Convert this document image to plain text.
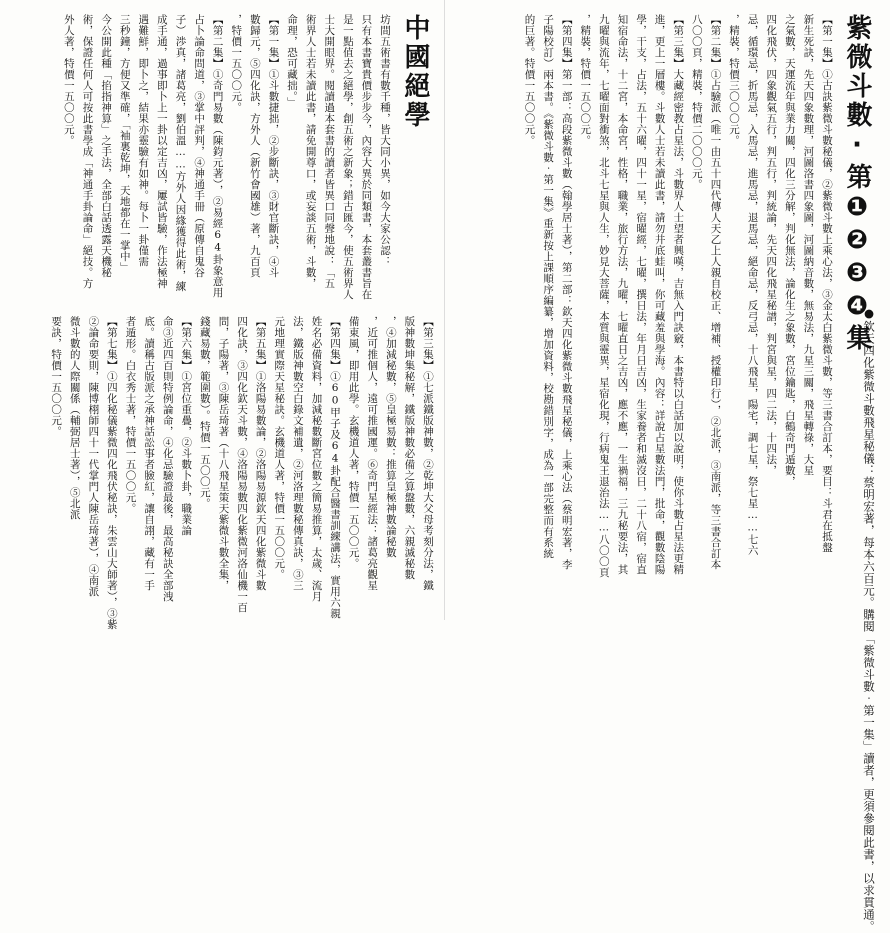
紫微斗數‧第❶❷❸❹集
【第一集】①古訣紫微斗數秘儀，②紫微斗數上乘心法，③金太白紫微斗數，等三書合訂本，要目：斗君在抵盤
新生死訣，先天四象數理，河圖洛書四象圖，河圖納音數，無易法，九星三關，飛星轉祿，大星
之氣數，天運流年與業力關，四化三分解，判化無法，論化生之象數，宮位鑰匙，白鶴奇門遁數，
四化飛伏，四象觀氣五行，判五行，判統論，先天四化飛星秘譜，判宮與星，四二法，十四法，
忌，循環忌，折馬忌，入馬忌，進馬忌，退馬忌，絕命忌，反弓忌，十八飛星，陽宅，調七星，祭七星……七六
，精裝，特價三〇〇〇元。
【第二集】①占驗派（唯一由五十四代傳人天乙上人親自校正、增補、授權印行），②北派，③南派，等三書合訂本
八〇〇頁，精裝，特價二〇〇〇元。
【第三集】大藏經密教占星法，斗數界人士望者興嘆，吉無入門訣竅，本書特以白話加以說明，使你斗數占星法更精
進，更上一層樓。斗數人士若未讀此書，請勿井底蛙叫，你可藏羞與學海。內容：詳說占星數法門，批命，觀數陰陽
學，干支，占法，五十六曜，四十一星，宿曜經，七曜，撰日法，年月日吉凶，生家養者和滅沒日，二十八宿，宿直
知宿命法，十二宮，本命宮，性格，職業，旅行方法，九曜，七曜直日之吉凶，應不應，一生禍福，三九秘要法，其
九曜與流年，七曜面對衝煞，北斗七星與人生，妙見大菩薩，本質與靈異，星宿化現，行病鬼王退治法……八〇〇頁
，精裝，特價一五〇〇元。
【第四集】第一部：高段紫微斗數（翰學居士著），第二部：欽天四化紫微斗數飛星秘儀，上乘心法（蔡明宏著，李
子陽校訂）兩本書。《紫微斗數‧第一集》重新按上課順序編纂，增加資料，校勘錯別字，成為一部完整而有系統
的巨著。特價一五〇〇元。
●欽天四化紫微斗數飛星秘儀：蔡明宏著，每本六百元。購閱「紫微斗數‧第一集」讀者，更須參閱此書，以求貫通。
中國絕學
坊間五術書有數千種，皆大同小異，如今大家公認：
只有本書寶貴價步步今，內容大異於同類書，本套叢書旨在
是一點值去之絕學，創五術之新象；錯古匯今，使五術界人
士大開眼界。閱讀過本套書的讀者皆異口同聲地說：「五
術界人士若未讀此書，請免開尊口，或妄談五術，斗數，
命理，恐可藏拙。」
【第一集】①斗數捷拙，②步斷訣，③財官斷訣，④斗
數歸元，⑤四化訣，方外人（新竹會國雄）著，九百頁
，特價一五〇〇元。
【第二集】①奇門易數（陳鈞元著），②易經64卦象意用
占卜論命問道，③掌中評判，④神通手冊（原傳自鬼谷
子）渉真，諸葛亮，劉伯溫……方外人因緣獲得此術，練
成手通，過事即卜上一卦以定吉凶，屢試皆驗，作法極神
遇難鮮，即卜之，結果亦靈驗有如神。每卜一卦僅需
三秒鐘，方便又準確，「袖裏乾坤，天地都在一掌中」
今公開此種「掐指神算」之手法，全部白話透露天機秘
術，保證任何人可按此書學成「神通手卦論命」絕技。方
外人著，特價一五〇〇元。
【第三集】①七派鐵版神數，②乾坤大父母考刻分法，鐵
版神數坤集秘解，鐵版神數必備之算盤數，六親滅秘數
，④加減秘數，⑤皇極易數：推算皇極神數論秘數
，近可推個人，遠可推國運。⑥奇門星經法：諸葛亮觀星
備東風，即用此學。玄機道人著，特價一五〇〇元。
【第四集】①60甲子及64卦配合醫書訓練講法，實用六親
姓名必備資料，加減秘數斷宮位數之簡易推算，太歲、流月
法，鐵版神數空白錄文補遺，②河洛理數秘傳真訣，③三
元地理實際天星秘訣。玄機道人著，特價一五〇〇元。
【第五集】①洛陽易數論，②洛陽易源欽天四化紫微斗數
四化訣，③四化欽天斗數，④洛陽易數四化紫微河洛仙機一百
問，子陽著，③陳岳琦著（十八飛星策天紫微斗數全集，
錢藏易數，範圍數）。特價一五〇〇元。
【第六集】①宮位重疊，②斗數卜卦，職業論
命③近四百則特例論命，④化忌驗證最後，最高秘訣全部洩
底。讀稱古版派之承神話訟事者臉紅，讓自詡，藏有一手
者遁形。白衣秀士著，特價一五〇〇元。
【第七集】①四化秘儀紫微四化飛伏秘訣，朱雲山大師著），③紫
②論命要則，陳博栩師四十一代掌門人陳岳琦著），④南派
微斗數的人際關係（輔弼居士著），⑤北派
要訣，特價一五〇〇元。
